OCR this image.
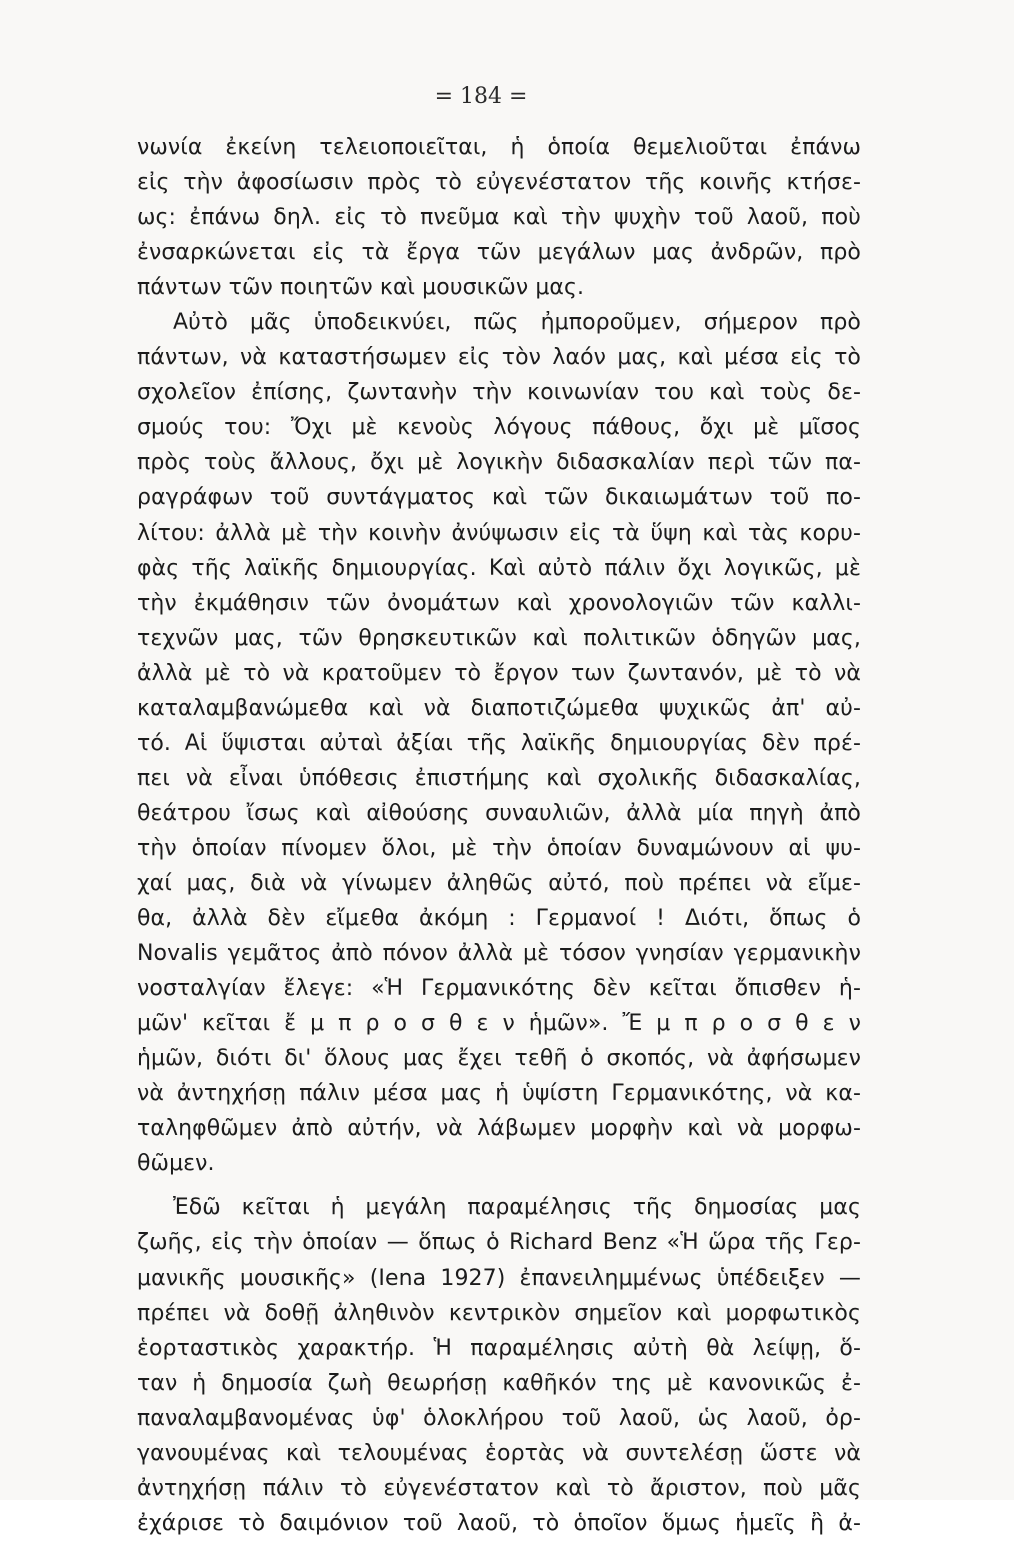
= 184 =
νωνία ἐκείνη τελειοποιεῖται, ἡ ὁποία θεμελιοῦται ἐπάνω
εἰς τὴν ἀφοσίωσιν πρὸς τὸ εὐγενέστατον τῆς κοινῆς κτήσε-
ως: ἐπάνω δηλ. εἰς τὸ πνεῦμα καὶ τὴν ψυχὴν τοῦ λαοῦ, ποὺ
ἐνσαρκώνεται εἰς τὰ ἔργα τῶν μεγάλων μας ἀνδρῶν, πρὸ
πάντων τῶν ποιητῶν καὶ μουσικῶν μας.
Αὐτὸ μᾶς ὑποδεικνύει, πῶς ἠμποροῦμεν, σήμερον πρὸ
πάντων, νὰ καταστήσωμεν εἰς τὸν λαόν μας, καὶ μέσα εἰς τὸ
σχολεῖον ἐπίσης, ζωντανὴν τὴν κοινωνίαν του καὶ τοὺς δε-
σμούς του: Ὄχι μὲ κενοὺς λόγους πάθους, ὄχι μὲ μῖσος
πρὸς τοὺς ἄλλους, ὄχι μὲ λογικὴν διδασκαλίαν περὶ τῶν πα-
ραγράφων τοῦ συντάγματος καὶ τῶν δικαιωμάτων τοῦ πο-
λίτου: ἀλλὰ μὲ τὴν κοινὴν ἀνύψωσιν εἰς τὰ ὕψη καὶ τὰς κορυ-
φὰς τῆς λαϊκῆς δημιουργίας. Καὶ αὐτὸ πάλιν ὄχι λογικῶς, μὲ
τὴν ἐκμάθησιν τῶν ὀνομάτων καὶ χρονολογιῶν τῶν καλλι-
τεχνῶν μας, τῶν θρησκευτικῶν καὶ πολιτικῶν ὁδηγῶν μας,
ἀλλὰ μὲ τὸ νὰ κρατοῦμεν τὸ ἔργον των ζωντανόν, μὲ τὸ νὰ
καταλαμβανώμεθα καὶ νὰ διαποτιζώμεθα ψυχικῶς ἀπ' αὐ-
τό. Αἱ ὕψισται αὐταὶ ἀξίαι τῆς λαϊκῆς δημιουργίας δὲν πρέ-
πει νὰ εἶναι ὑπόθεσις ἐπιστήμης καὶ σχολικῆς διδασκαλίας,
θεάτρου ἴσως καὶ αἰθούσης συναυλιῶν, ἀλλὰ μία πηγὴ ἀπὸ
τὴν ὁποίαν πίνομεν ὅλοι, μὲ τὴν ὁποίαν δυναμώνουν αἱ ψυ-
χαί μας, διὰ νὰ γίνωμεν ἀληθῶς αὐτό, ποὺ πρέπει νὰ εἴμε-
θα, ἀλλὰ δὲν εἴμεθα ἀκόμη : Γερμανοί ! Διότι, ὅπως ὁ
Novalis γεμᾶτος ἀπὸ πόνον ἀλλὰ μὲ τόσον γνησίαν γερμανικὴν
νοσταλγίαν ἔλεγε: «Ἡ Γερμανικότης δὲν κεῖται ὄπισθεν ἡ-
μῶν' κεῖται ἔ μ π ρ ο σ θ ε ν ἡμῶν». Ἔ μ π ρ ο σ θ ε ν
ἡμῶν, διότι δι' ὅλους μας ἔχει τεθῆ ὁ σκοπός, νὰ ἀφήσωμεν
νὰ ἀντηχήσῃ πάλιν μέσα μας ἡ ὑψίστη Γερμανικότης, νὰ κα-
ταληφθῶμεν ἀπὸ αὐτήν, νὰ λάβωμεν μορφὴν καὶ νὰ μορφω-
θῶμεν.
Ἐδῶ κεῖται ἡ μεγάλη παραμέλησις τῆς δημοσίας μας
ζωῆς, εἰς τὴν ὁποίαν — ὅπως ὁ Richard Benz «Ἡ ὥρα τῆς Γερ-
μανικῆς μουσικῆς» (Iena 1927) ἐπανειλημμένως ὑπέδειξεν —
πρέπει νὰ δοθῇ ἀληθινὸν κεντρικὸν σημεῖον καὶ μορφωτικὸς
ἑορταστικὸς χαρακτήρ. Ἡ παραμέλησις αὐτὴ θὰ λείψῃ, ὅ-
ταν ἡ δημοσία ζωὴ θεωρήσῃ καθῆκόν της μὲ κανονικῶς ἐ-
παναλαμβανομένας ὑφ' ὁλοκλήρου τοῦ λαοῦ, ὡς λαοῦ, ὀρ-
γανουμένας καὶ τελουμένας ἑορτὰς νὰ συντελέσῃ ὥστε νὰ
ἀντηχήσῃ πάλιν τὸ εὐγενέστατον καὶ τὸ ἄριστον, ποὺ μᾶς
ἐχάρισε τὸ δαιμόνιον τοῦ λαοῦ, τὸ ὁποῖον ὅμως ἡμεῖς ἢ ἀ-
